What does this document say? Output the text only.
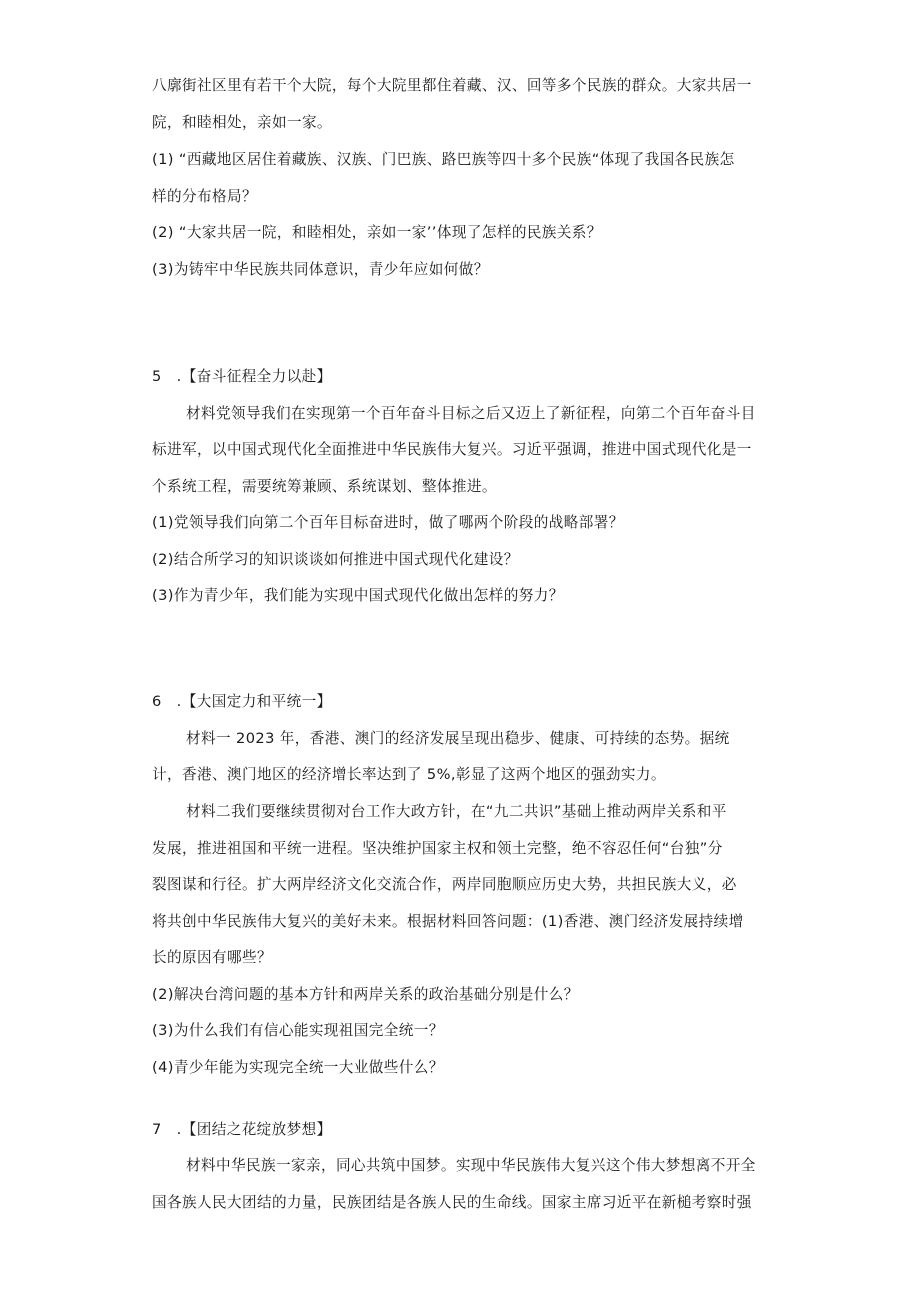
八廓街社区里有若干个大院，每个大院里都住着藏、汉、回等多个民族的群众。大家共居一
院，和睦相处，亲如一家。
(1) “西藏地区居住着藏族、汉族、门巴族、路巴族等四十多个民族“体现了我国各民族怎
样的分布格局？
(2) “大家共居一院，和睦相处，亲如一家’’体现了怎样的民族关系？
(3)为铸牢中华民族共同体意识，青少年应如何做？
5　.【奋斗征程全力以赴】
材料党领导我们在实现第一个百年奋斗目标之后又迈上了新征程，向第二个百年奋斗目
标进军，以中国式现代化全面推进中华民族伟大复兴。习近平强调，推进中国式现代化是一
个系统工程，需要统筹兼顾、系统谋划、整体推进。
(1)党领导我们向第二个百年目标奋进时，做了哪两个阶段的战略部署？
(2)结合所学习的知识谈谈如何推进中国式现代化建设？
(3)作为青少年，我们能为实现中国式现代化做出怎样的努力？
6　.【大国定力和平统一】
材料一 2023 年，香港、澳门的经济发展呈现出稳步、健康、可持续的态势。据统
计，香港、澳门地区的经济增长率达到了 5%,彰显了这两个地区的强劲实力。
材料二我们要继续贯彻对台工作大政方针，在“九二共识”基础上推动两岸关系和平
发展，推进祖国和平统一进程。坚决维护国家主权和领土完整，绝不容忍任何“台独”分
裂图谋和行径。扩大两岸经济文化交流合作，两岸同胞顺应历史大势，共担民族大义，必
将共创中华民族伟大复兴的美好未来。根据材料回答问题：(1)香港、澳门经济发展持续增
长的原因有哪些？
(2)解决台湾问题的基本方针和两岸关系的政治基础分别是什么？
(3)为什么我们有信心能实现祖国完全统一？
(4)青少年能为实现完全统一大业做些什么？
7　.【团结之花绽放梦想】
材料中华民族一家亲，同心共筑中国梦。实现中华民族伟大复兴这个伟大梦想离不开全
国各族人民大团结的力量，民族团结是各族人民的生命线。国家主席习近平在新槌考察时强
